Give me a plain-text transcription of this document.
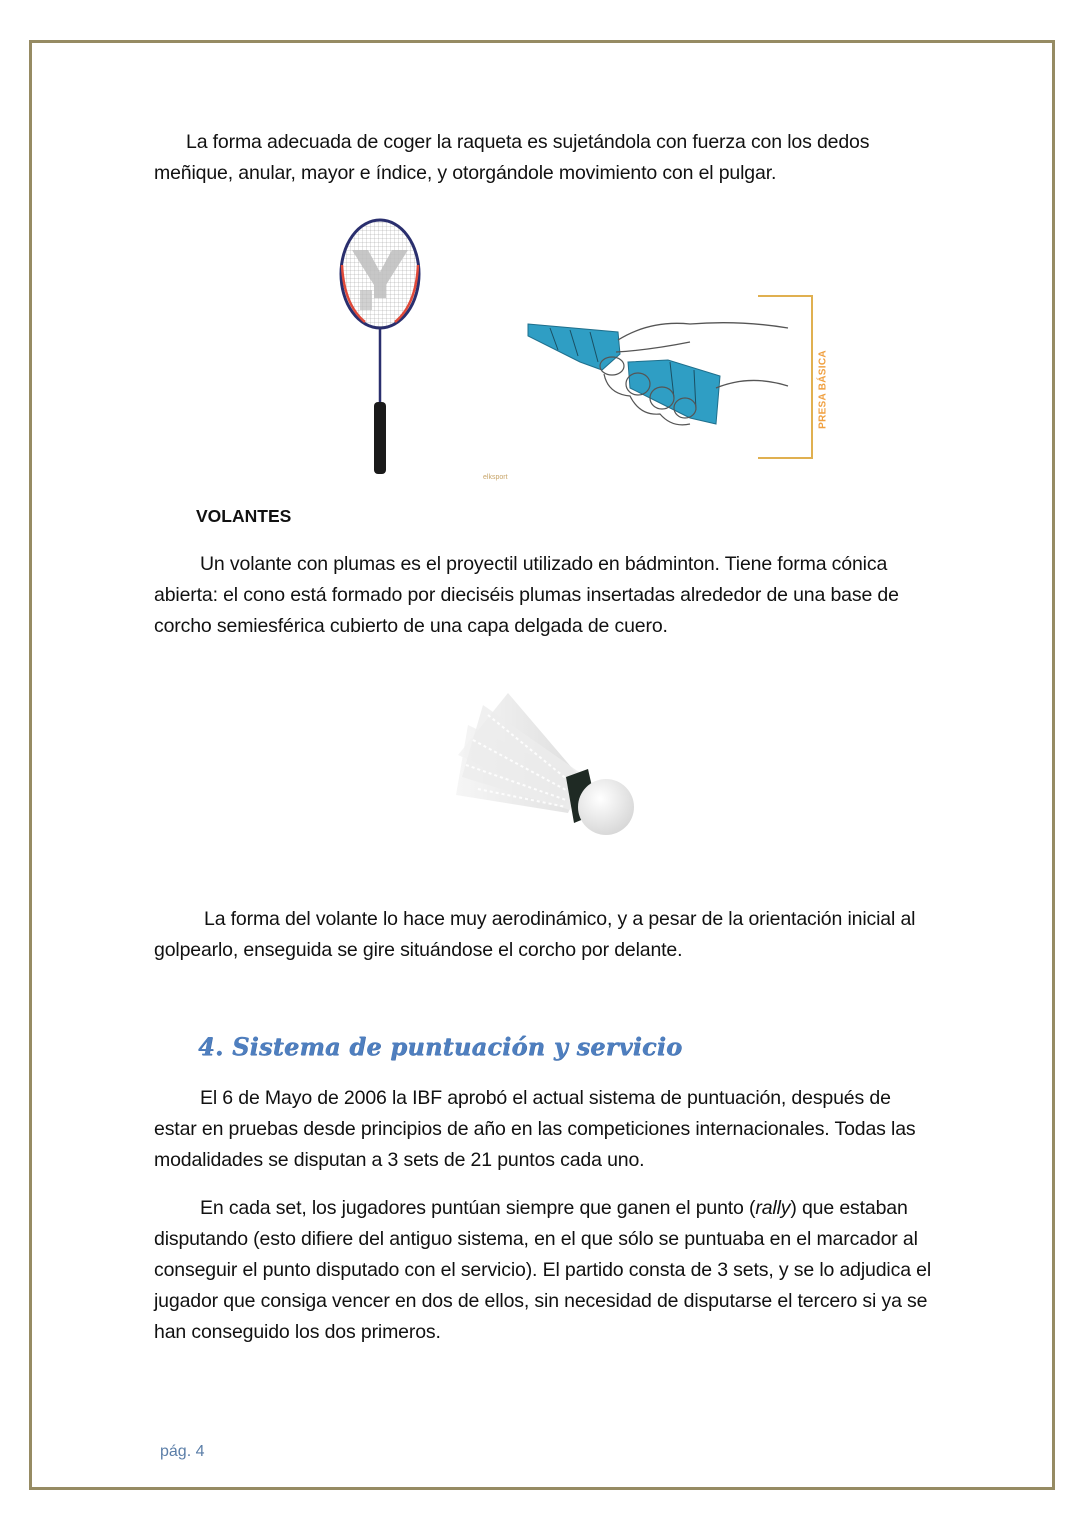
La forma adecuada de coger la raqueta es sujetándola con fuerza con los dedos meñique, anular, mayor e índice, y otorgándole movimiento con el pulgar.

PRESA BÁSICA
elksport

VOLANTES

Un volante con plumas es el proyectil utilizado en bádminton. Tiene forma cónica abierta: el cono está formado por dieciséis plumas insertadas alrededor de una base de corcho semiesférica cubierto de una capa delgada de cuero.

La forma del volante lo hace muy aerodinámico, y a pesar de la orientación inicial al golpearlo, enseguida se gire situándose el corcho por delante.

4. Sistema de puntuación y servicio

El 6 de Mayo de 2006 la IBF aprobó el actual sistema de puntuación, después de estar en pruebas desde principios de año en las competiciones internacionales. Todas las modalidades se disputan a 3 sets de 21 puntos cada uno.

En cada set, los jugadores puntúan siempre que ganen el punto (rally) que estaban disputando (esto difiere del antiguo sistema, en el que sólo se puntuaba en el marcador al conseguir el punto disputado con el servicio). El partido consta de 3 sets, y se lo adjudica el jugador que consiga vencer en dos de ellos, sin necesidad de disputarse el tercero si ya se han conseguido los dos primeros.

pág. 4
